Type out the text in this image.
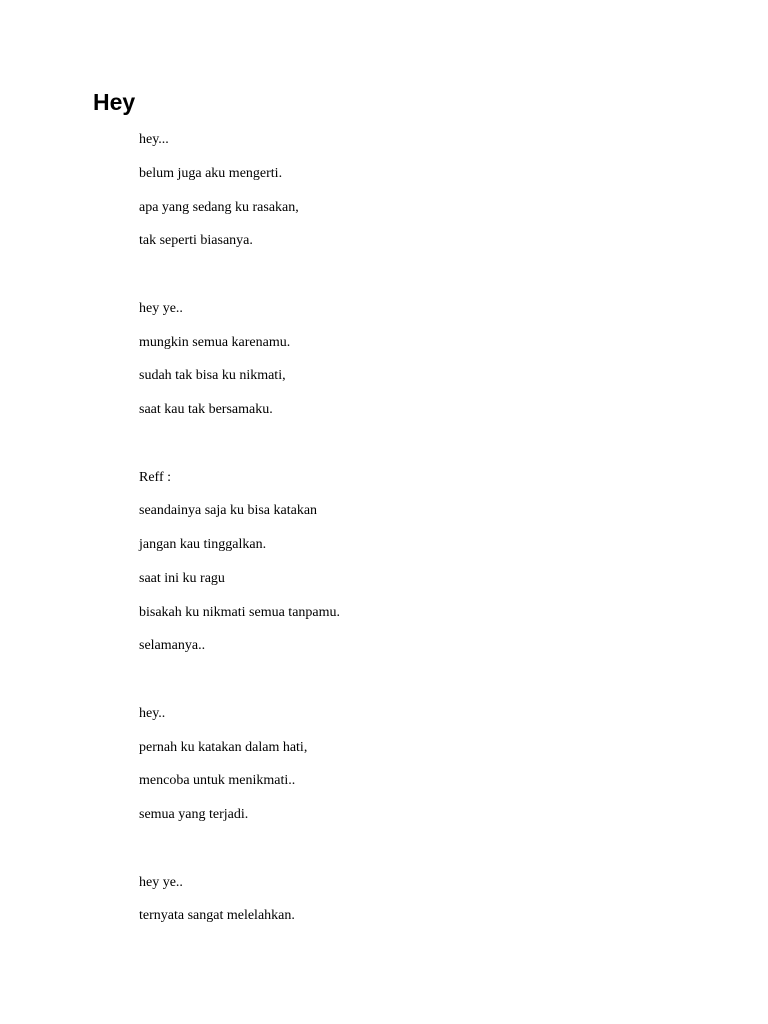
Hey
hey...
belum juga aku mengerti.
apa yang sedang ku rasakan,
tak seperti biasanya.
hey ye..
mungkin semua karenamu.
sudah tak bisa ku nikmati,
saat kau tak bersamaku.
Reff :
seandainya saja ku bisa katakan
jangan kau tinggalkan.
saat ini ku ragu
bisakah ku nikmati semua tanpamu.
selamanya..
hey..
pernah ku katakan dalam hati,
mencoba untuk menikmati..
semua yang terjadi.
hey ye..
ternyata sangat melelahkan.
